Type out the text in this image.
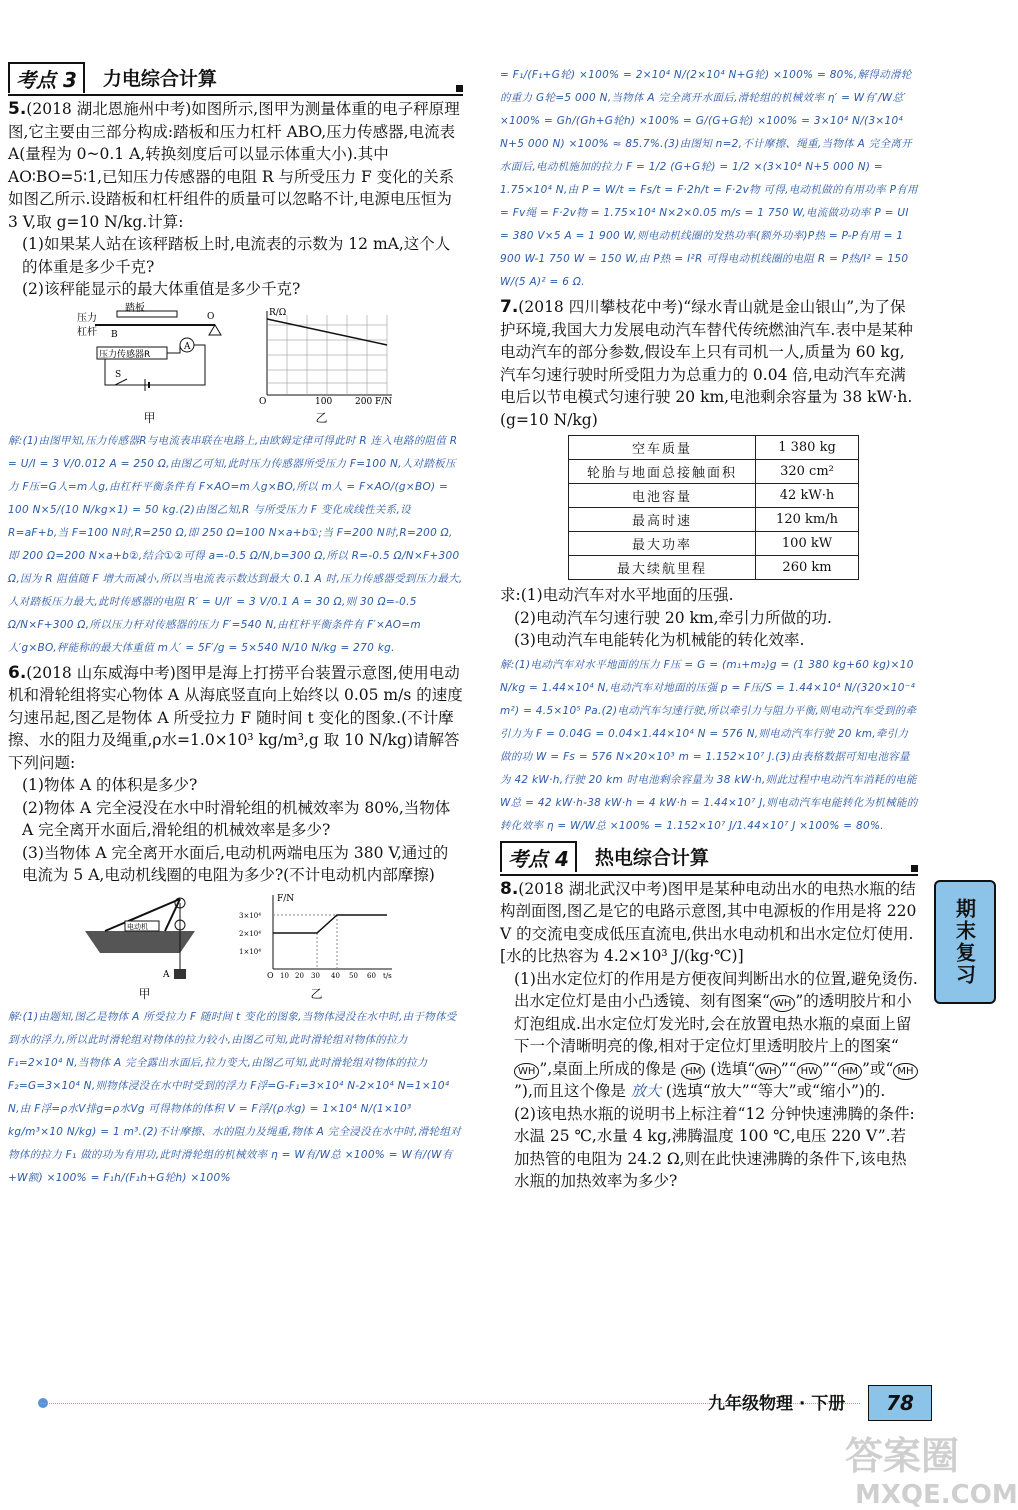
考点 3	力电综合计算

5.(2018 湖北恩施州中考)如图所示,图甲为测量体重的电子秤原理图,它主要由三部分构成:踏板和压力杠杆 ABO,压力传感器,电流表 A(量程为 0~0.1 A,转换刻度后可以显示体重大小).其中 AO∶BO=5∶1,已知压力传感器的电阻 R 与所受压力 F 变化的关系如图乙所示.设踏板和杠杆组件的质量可以忽略不计,电源电压恒为 3 V,取 g=10 N/kg.计算:

(1)如果某人站在该秤踏板上时,电流表的示数为 12 mA,这个人的体重是多少千克?

(2)该秤能显示的最大体重值是多少千克?

踏板
压力
杠杆 B
O
压力传感器R
A
S
甲
R/Ω
O	100	200 F/N
乙

解:(1)由图甲知,压力传感器R与电流表串联在电路上,由欧姆定律可得此时 R 连入电路的阻值 R = U/I = 3 V/0.012 A = 250 Ω,由图乙可知,此时压力传感器所受压力 F=100 N,人对踏板压力 F压=G人=m人g,由杠杆平衡条件有 F×AO=m人g×BO,所以 m人 = F×AO/(g×BO) = 100 N×5/(10 N/kg×1) = 50 kg.(2)由图乙知,R 与所受压力 F 变化成线性关系,设 R=aF+b,当 F=100 N时,R=250 Ω,即 250 Ω=100 N×a+b①;当 F=200 N时,R=200 Ω,即 200 Ω=200 N×a+b②,结合①②可得 a=-0.5 Ω/N,b=300 Ω,所以 R=-0.5 Ω/N×F+300 Ω,因为 R 阻值随 F 增大而减小,所以当电流表示数达到最大 0.1 A 时,压力传感器受到压力最大,人对踏板压力最大,此时传感器的电阻 R′ = U/I′ = 3 V/0.1 A = 30 Ω,则 30 Ω=-0.5 Ω/N×F+300 Ω,所以压力杆对传感器的压力 F′=540 N,由杠杆平衡条件有 F′×AO=m人′g×BO,秤能称的最大体重值 m人′ = 5F′/g = 5×540 N/10 N/kg = 270 kg.

6.(2018 山东威海中考)图甲是海上打捞平台装置示意图,使用电动机和滑轮组将实心物体 A 从海底竖直向上始终以 0.05 m/s 的速度匀速吊起,图乙是物体 A 所受拉力 F 随时间 t 变化的图象.(不计摩擦、水的阻力及绳重,ρ水=1.0×10³ kg/m³,g 取 10 N/kg)请解答下列问题:

(1)物体 A 的体积是多少?

(2)物体 A 完全浸没在水中时滑轮组的机械效率为 80%,当物体 A 完全离开水面后,滑轮组的机械效率是多少?

(3)当物体 A 完全离开水面后,电动机两端电压为 380 V,通过的电流为 5 A,电动机线圈的电阻为多少?(不计电动机内部摩擦)

电动机
A
甲
F/N
3×10⁴
2×10⁴
1×10⁴
O 10 20 30 40 50 60 t/s
乙

解:(1)由题知,图乙是物体 A 所受拉力 F 随时间 t 变化的图象,当物体浸没在水中时,由于物体受到水的浮力,所以此时滑轮组对物体的拉力较小,由图乙可知,此时滑轮组对物体的拉力 F₁=2×10⁴ N,当物体 A 完全露出水面后,拉力变大,由图乙可知,此时滑轮组对物体的拉力 F₂=G=3×10⁴ N,则物体浸没在水中时受到的浮力 F浮=G-F₁=3×10⁴ N-2×10⁴ N=1×10⁴ N,由 F浮=ρ水V排g=ρ水Vg 可得物体的体积 V = F浮/(ρ水g) = 1×10⁴ N/(1×10³ kg/m³×10 N/kg) = 1 m³.(2)不计摩擦、水的阻力及绳重,物体 A 完全浸没在水中时,滑轮组对物体的拉力 F₁ 做的功为有用功,此时滑轮组的机械效率 η = W有/W总 ×100% = W有/(W有+W额) ×100% = F₁h/(F₁h+G轮h) ×100%

= F₁/(F₁+G轮) ×100% = 2×10⁴ N/(2×10⁴ N+G轮) ×100% = 80%,解得动滑轮的重力 G轮=5 000 N,当物体 A 完全离开水面后,滑轮组的机械效率 η′ = W有′/W总′ ×100% = Gh/(Gh+G轮h) ×100% = G/(G+G轮) ×100% = 3×10⁴ N/(3×10⁴ N+5 000 N) ×100% ≈ 85.7%.(3)由图知 n=2,不计摩擦、绳重,当物体 A 完全离开水面后,电动机施加的拉力 F = 1/2 (G+G轮) = 1/2 ×(3×10⁴ N+5 000 N) = 1.75×10⁴ N,由 P = W/t = Fs/t = F·2h/t = F·2v物 可得,电动机做的有用功率 P有用 = Fv绳 = F·2v物 = 1.75×10⁴ N×2×0.05 m/s = 1 750 W,电流做功功率 P = UI = 380 V×5 A = 1 900 W,则电动机线圈的发热功率(额外功率)P热 = P-P有用 = 1 900 W-1 750 W = 150 W,由 P热 = I²R 可得电动机线圈的电阻 R = P热/I² = 150 W/(5 A)² = 6 Ω.

7.(2018 四川攀枝花中考)“绿水青山就是金山银山”,为了保护环境,我国大力发展电动汽车替代传统燃油汽车.表中是某种电动汽车的部分参数,假设车上只有司机一人,质量为 60 kg,汽车匀速行驶时所受阻力为总重力的 0.04 倍,电动汽车充满电后以节电模式匀速行驶 20 km,电池剩余容量为 38 kW·h.(g=10 N/kg)

空车质量	1 380 kg
轮胎与地面总接触面积	320 cm²
电池容量	42 kW·h
最高时速	120 km/h
最大功率	100 kW
最大续航里程	260 km

求:(1)电动汽车对水平地面的压强.

(2)电动汽车匀速行驶 20 km,牵引力所做的功.

(3)电动汽车电能转化为机械能的转化效率.

解:(1)电动汽车对水平地面的压力 F压 = G = (m₁+m₂)g = (1 380 kg+60 kg)×10 N/kg = 1.44×10⁴ N,电动汽车对地面的压强 p = F压/S = 1.44×10⁴ N/(320×10⁻⁴ m²) = 4.5×10⁵ Pa.(2)电动汽车匀速行驶,所以牵引力与阻力平衡,则电动汽车受到的牵引力为 F = 0.04G = 0.04×1.44×10⁴ N = 576 N,则电动汽车行驶 20 km,牵引力做的功 W = Fs = 576 N×20×10³ m = 1.152×10⁷ J.(3)由表格数据可知电池容量为 42 kW·h,行驶 20 km 时电池剩余容量为 38 kW·h,则此过程中电动汽车消耗的电能 W总 = 42 kW·h-38 kW·h = 4 kW·h = 1.44×10⁷ J,则电动汽车电能转化为机械能的转化效率 η = W/W总 ×100% = 1.152×10⁷ J/1.44×10⁷ J ×100% = 80%.

考点 4	热电综合计算

8.(2018 湖北武汉中考)图甲是某种电动出水的电热水瓶的结构剖面图,图乙是它的电路示意图,其中电源板的作用是将 220 V 的交流电变成低压直流电,供出水电动机和出水定位灯使用.[水的比热容为 4.2×10³ J/(kg·℃)]

(1)出水定位灯的作用是方便夜间判断出水的位置,避免烫伤.出水定位灯是由小凸透镜、刻有图案“ WH ”的透明胶片和小灯泡组成.出水定位灯发光时,会在放置电热水瓶的桌面上留下一个清晰明亮的像,相对于定位灯里透明胶片上的图案“WH ”,桌面上所成的像是 HM (选填“ WH ”“ HW ”“ HM ”或“ MH”),而且这个像是 放大 (选填“放大”“等大”或“缩小”)的.

(2)该电热水瓶的说明书上标注着“12 分钟快速沸腾的条件:水温 25 ℃,水量 4 kg,沸腾温度 100 ℃,电压 220 V”.若加热管的电阻为 24.2 Ω,则在此快速沸腾的条件下,该电热水瓶的加热效率为多少?

期末复习
九年级物理 · 下册	78
答案圈
MXQE.COM
